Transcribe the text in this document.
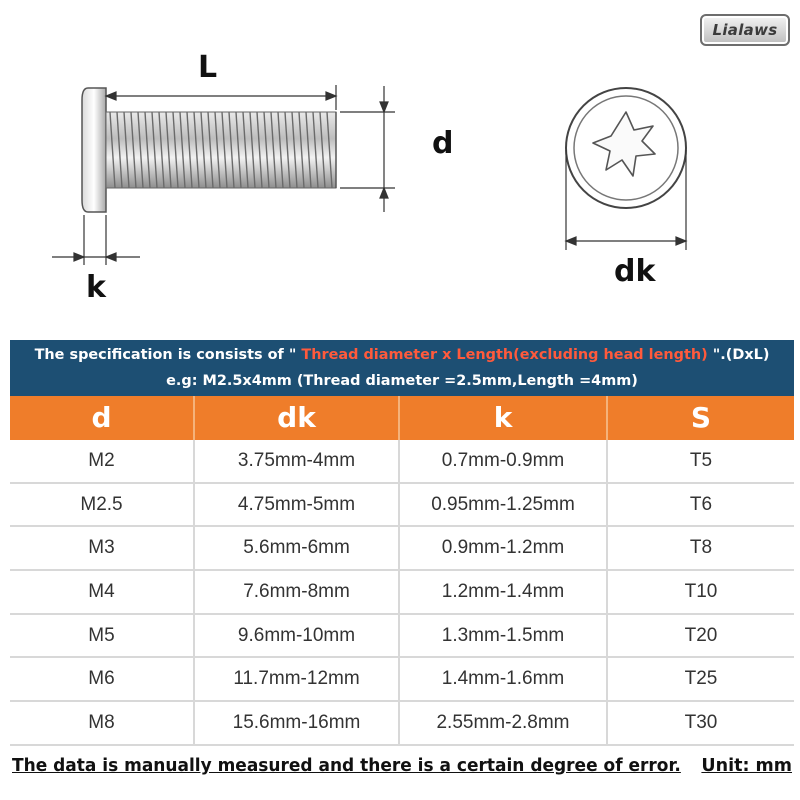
Lialaws
L
d
k	dk
The specification is consists of " Thread diameter x Length(excluding head length) ".(DxL)
e.g: M2.5x4mm (Thread diameter =2.5mm,Length =4mm)
d	dk	k	S
M2	3.75mm-4mm	0.7mm-0.9mm	T5
M2.5	4.75mm-5mm	0.95mm-1.25mm	T6
M3	5.6mm-6mm	0.9mm-1.2mm	T8
M4	7.6mm-8mm	1.2mm-1.4mm	T10
M5	9.6mm-10mm	1.3mm-1.5mm	T20
M6	11.7mm-12mm	1.4mm-1.6mm	T25
M8	15.6mm-16mm	2.55mm-2.8mm	T30
The data is manually measured and there is a certain degree of error. Unit: mm
